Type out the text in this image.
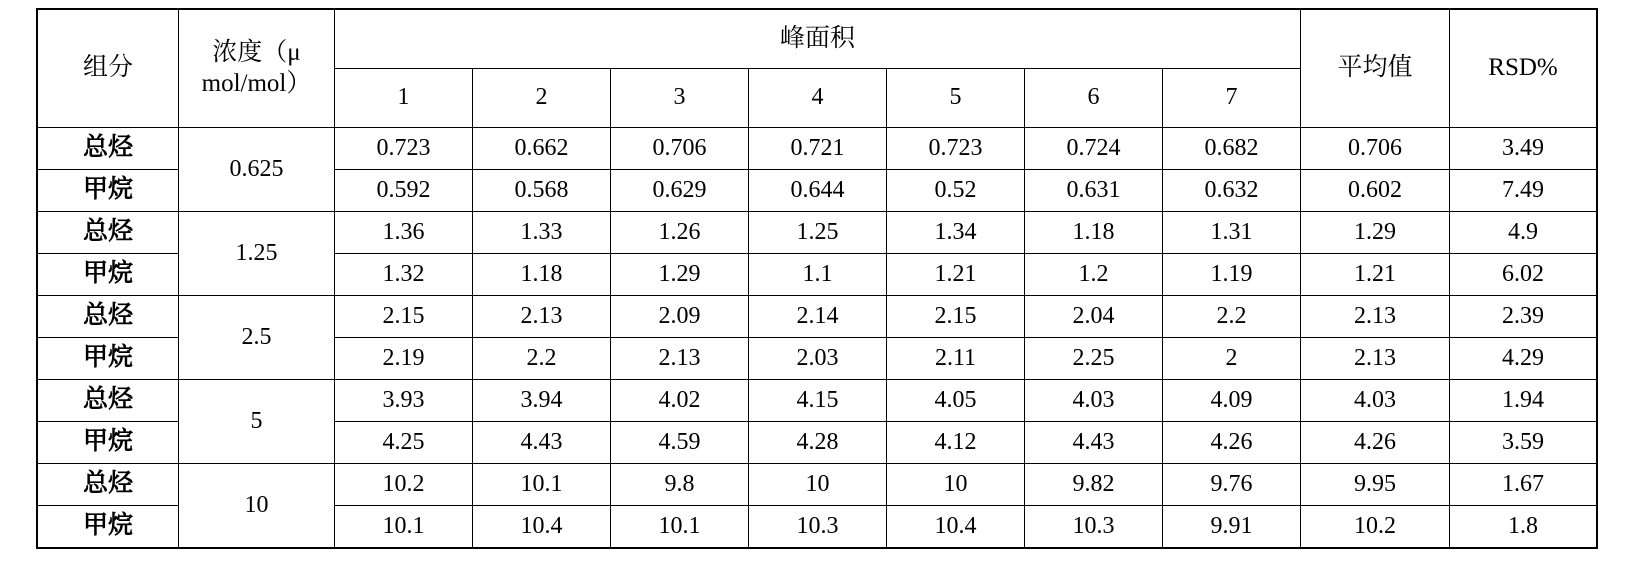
组分	浓度（μ mol/mol）	峰面积							平均值	RSD%
		1	2	3	4	5	6	7		
总烃	0.625	0.723	0.662	0.706	0.721	0.723	0.724	0.682	0.706	3.49
甲烷		0.592	0.568	0.629	0.644	0.52	0.631	0.632	0.602	7.49
总烃	1.25	1.36	1.33	1.26	1.25	1.34	1.18	1.31	1.29	4.9
甲烷		1.32	1.18	1.29	1.1	1.21	1.2	1.19	1.21	6.02
总烃	2.5	2.15	2.13	2.09	2.14	2.15	2.04	2.2	2.13	2.39
甲烷		2.19	2.2	2.13	2.03	2.11	2.25	2	2.13	4.29
总烃	5	3.93	3.94	4.02	4.15	4.05	4.03	4.09	4.03	1.94
甲烷		4.25	4.43	4.59	4.28	4.12	4.43	4.26	4.26	3.59
总烃	10	10.2	10.1	9.8	10	10	9.82	9.76	9.95	1.67
甲烷		10.1	10.4	10.1	10.3	10.4	10.3	9.91	10.2	1.8
